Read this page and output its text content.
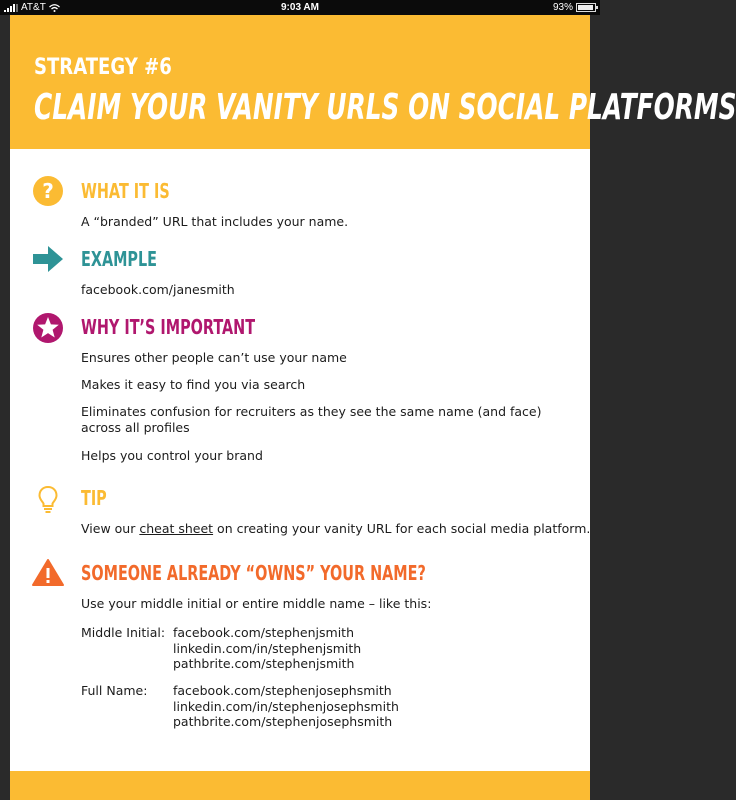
AT&T	9:03 AM	93%
STRATEGY #6
CLAIM YOUR VANITY URLS ON SOCIAL PLATFORMS
? WHAT IT IS
A “branded” URL that includes your name.
EXAMPLE
facebook.com/janesmith
WHY IT’S IMPORTANT
Ensures other people can’t use your name
Makes it easy to find you via search
Eliminates confusion for recruiters as they see the same name (and face) across all profiles
Helps you control your brand
TIP
View our cheat sheet on creating your vanity URL for each social media platform.
SOMEONE ALREADY “OWNS” YOUR NAME?
Use your middle initial or entire middle name – like this:
Middle Initial: facebook.com/stephenjsmith
linkedin.com/in/stephenjsmith
pathbrite.com/stephenjsmith
Full Name: facebook.com/stephenjosephsmith
linkedin.com/in/stephenjosephsmith
pathbrite.com/stephenjosephsmith
